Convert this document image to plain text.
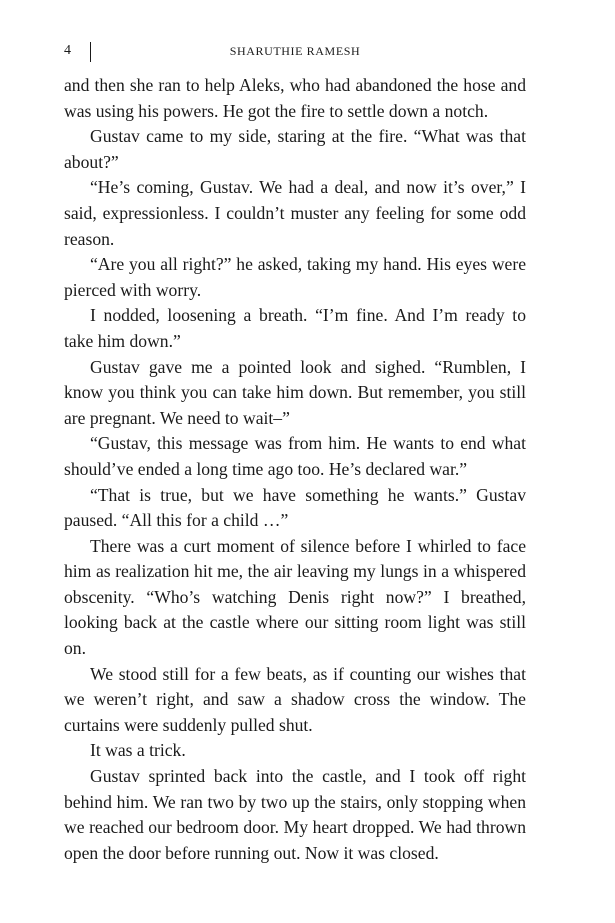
4	SHARUTHIE RAMESH

and then she ran to help Aleks, who had abandoned the hose and was using his powers. He got the fire to settle down a notch.

Gustav came to my side, staring at the fire. “What was that about?”

“He’s coming, Gustav. We had a deal, and now it’s over,” I said, expressionless. I couldn’t muster any feeling for some odd reason.

“Are you all right?” he asked, taking my hand. His eyes were pierced with worry.

I nodded, loosening a breath. “I’m fine. And I’m ready to take him down.”

Gustav gave me a pointed look and sighed. “Rumblen, I know you think you can take him down. But remember, you still are pregnant. We need to wait–”

“Gustav, this message was from him. He wants to end what should’ve ended a long time ago too. He’s declared war.”

“That is true, but we have something he wants.” Gustav paused. “All this for a child …”

There was a curt moment of silence before I whirled to face him as realization hit me, the air leaving my lungs in a whispered obscenity. “Who’s watching Denis right now?” I breathed, looking back at the castle where our sitting room light was still on.

We stood still for a few beats, as if counting our wishes that we weren’t right, and saw a shadow cross the window. The curtains were suddenly pulled shut.

It was a trick.

Gustav sprinted back into the castle, and I took off right behind him. We ran two by two up the stairs, only stopping when we reached our bedroom door. My heart dropped. We had thrown open the door before running out. Now it was closed.
